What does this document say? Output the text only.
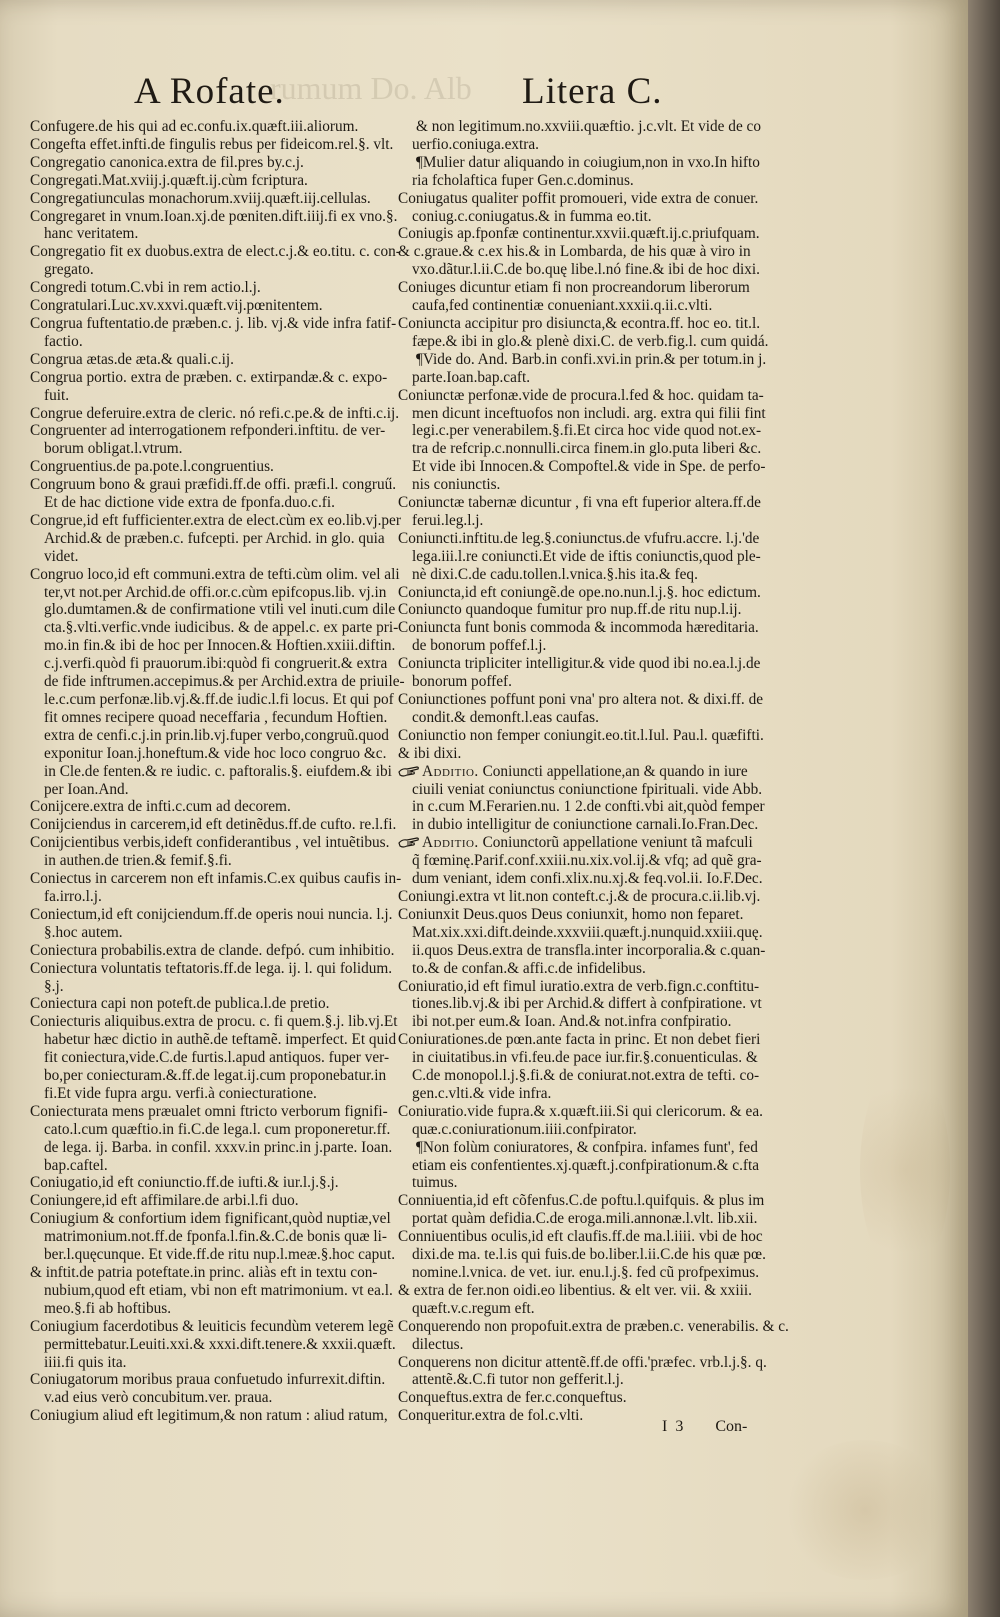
rumum Do. Alb
A Rofate.	Litera C.

Confugere.de his qui ad ec.confu.ix.quæft.iii.aliorum.

Congefta effet.infti.de fingulis rebus per fideicom.rel.§. vlt.

Congregatio canonica.extra de fil.pres by.c.j.

Congregati.Mat.xviij.j.quæft.ij.cùm fcriptura.

Congregatiunculas monachorum.xviij.quæft.iij.cellulas.

Congregaret in vnum.Ioan.xj.de pœniten.dift.iiij.fi ex vno.§.

hanc veritatem.

Congregatio fit ex duobus.extra de elect.c.j.& eo.titu. c. con-

gregato.

Congredi totum.C.vbi in rem actio.l.j.

Congratulari.Luc.xv.xxvi.quæft.vij.pœnitentem.

Congrua fuftentatio.de præben.c. j. lib. vj.& vide infra fatif-

factio.

Congrua ætas.de æta.& quali.c.ij.

Congrua portio. extra de præben. c. extirpandæ.& c. expo-

fuit.

Congrue deferuire.extra de cleric. nó refi.c.pe.& de infti.c.ij.

Congruenter ad interrogationem refponderi.inftitu. de ver-

borum obligat.l.vtrum.

Congruentius.de pa.pote.l.congruentius.

Congruum bono & graui præfidi.ff.de offi. præfi.l. congruű.

Et de hac dictione vide extra de fponfa.duo.c.fi.

Congrue,id eft fufficienter.extra de elect.cùm ex eo.lib.vj.per

Archid.& de præben.c. fufcepti. per Archid. in glo. quia

videt.

Congruo loco,id eft communi.extra de tefti.cùm olim. vel ali

ter,vt not.per Archid.de offi.or.c.cùm epifcopus.lib. vj.in

glo.dumtamen.& de confirmatione vtili vel inuti.cum dile

cta.§.vlti.verfic.vnde iudicibus. & de appel.c. ex parte pri-

mo.in fin.& ibi de hoc per Innocen.& Hoftien.xxiii.diftin.

c.j.verfi.quòd fi prauorum.ibi:quòd fi congruerit.& extra

de fide inftrumen.accepimus.& per Archid.extra de priuile-

le.c.cum perfonæ.lib.vj.&.ff.de iudic.l.fi locus. Et qui pof

fit omnes recipere quoad neceffaria , fecundum Hoftien.

extra de cenfi.c.j.in prin.lib.vj.fuper verbo,congruũ.quod

exponitur Ioan.j.honeftum.& vide hoc loco congruo &c.

in Cle.de fenten.& re iudic. c. paftoralis.§. eiufdem.& ibi

per Ioan.And.

Conijcere.extra de infti.c.cum ad decorem.

Conijciendus in carcerem,id eft detinẽdus.ff.de cufto. re.l.fi.

Conijcientibus verbis,ideft confiderantibus , vel intuẽtibus.

in authen.de trien.& femif.§.fi.

Coniectus in carcerem non eft infamis.C.ex quibus caufis in-

fa.irro.l.j.

Coniectum,id eft conijciendum.ff.de operis noui nuncia. l.j.

§.hoc autem.

Coniectura probabilis.extra de clande. defpó. cum inhibitio.

Coniectura voluntatis teftatoris.ff.de lega. ij. l. qui folidum.

§.j.

Coniectura capi non poteft.de publica.l.de pretio.

Coniecturis aliquibus.extra de procu. c. fi quem.§.j. lib.vj.Et

habetur hæc dictio in authẽ.de teftamẽ. imperfect. Et quid

fit coniectura,vide.C.de furtis.l.apud antiquos. fuper ver-

bo,per coniecturam.&.ff.de legat.ij.cum proponebatur.in

fi.Et vide fupra argu. verfi.à coniecturatione.

Coniecturata mens præualet omni ftricto verborum fignifi-

cato.l.cum quæftio.in fi.C.de lega.l. cum proponeretur.ff.

de lega. ij. Barba. in confil. xxxv.in princ.in j.parte. Ioan.

bap.caftel.

Coniugatio,id eft coniunctio.ff.de iufti.& iur.l.j.§.j.

Coniungere,id eft affimilare.de arbi.l.fi duo.

Coniugium & confortium idem fignificant,quòd nuptiæ,vel

matrimonium.not.ff.de fponfa.l.fin.&.C.de bonis quæ li-

ber.l.quęcunque. Et vide.ff.de ritu nup.l.meæ.§.hoc caput.

& inftit.de patria poteftate.in princ. aliàs eft in textu con-

nubium,quod eft etiam, vbi non eft matrimonium. vt ea.l.

meo.§.fi ab hoftibus.

Coniugium facerdotibus & leuiticis fecundùm veterem legẽ

permittebatur.Leuiti.xxi.& xxxi.dift.tenere.& xxxii.quæft.

iiii.fi quis ita.

Coniugatorum moribus praua confuetudo infurrexit.diftin.

v.ad eius verò concubitum.ver. praua.

Coniugium aliud eft legitimum,& non ratum : aliud ratum,

& non legitimum.no.xxviii.quæftio. j.c.vlt. Et vide de co

uerfio.coniuga.extra.

¶Mulier datur aliquando in coiugium,non in vxo.In hifto

ria fcholaftica fuper Gen.c.dominus.

Coniugatus qualiter poffit promoueri, vide extra de conuer.

coniug.c.coniugatus.& in fumma eo.tit.

Coniugis ap.fponfæ continentur.xxvii.quæft.ij.c.priufquam.

& c.graue.& c.ex his.& in Lombarda, de his quæ à viro in

vxo.dãtur.l.ii.C.de bo.quę libe.l.nó fine.& ibi de hoc dixi.

Coniuges dicuntur etiam fi non procreandorum liberorum

caufa,fed continentiæ conueniant.xxxii.q.ii.c.vlti.

Coniuncta accipitur pro disiuncta,& econtra.ff. hoc eo. tit.l.

fæpe.& ibi in glo.& plenè dixi.C. de verb.fig.l. cum quidá.

¶Vide do. And. Barb.in confi.xvi.in prin.& per totum.in j.

parte.Ioan.bap.caft.

Coniunctæ perfonæ.vide de procura.l.fed & hoc. quidam ta-

men dicunt inceftuofos non includi. arg. extra qui filii fint

legi.c.per venerabilem.§.fi.Et circa hoc vide quod not.ex-

tra de refcrip.c.nonnulli.circa finem.in glo.puta liberi &c.

Et vide ibi Innocen.& Compoftel.& vide in Spe. de perfo-

nis coniunctis.

Coniunctæ tabernæ dicuntur , fi vna eft fuperior altera.ff.de

ferui.leg.l.j.

Coniuncti.inftitu.de leg.§.coniunctus.de vfufru.accre. l.j.'de

lega.iii.l.re coniuncti.Et vide de iftis coniunctis,quod ple-

nè dixi.C.de cadu.tollen.l.vnica.§.his ita.& feq.

Coniuncta,id eft coniungẽ.de ope.no.nun.l.j.§. hoc edictum.

Coniuncto quandoque fumitur pro nup.ff.de ritu nup.l.ij.

Coniuncta funt bonis commoda & incommoda hæreditaria.

de bonorum poffef.l.j.

Coniuncta tripliciter intelligitur.& vide quod ibi no.ea.l.j.de

bonorum poffef.

Coniunctiones poffunt poni vna' pro altera not. & dixi.ff. de

condit.& demonft.l.eas caufas.

Coniunctio non femper coniungit.eo.tit.l.Iul. Pau.l. quæfifti.

& ibi dixi.

Additio. Coniuncti appellatione,an & quando in iure

ciuili veniat coniunctus coniunctione fpirituali. vide Abb.

in c.cum M.Ferarien.nu. 1 2.de confti.vbi ait,quòd femper

in dubio intelligitur de coniunctione carnali.Io.Fran.Dec.

Additio. Coniunctorũ appellatione veniunt tã mafculi

q̃ fœminę.Parif.conf.xxiii.nu.xix.vol.ij.& vfq; ad quẽ gra-

dum veniant, idem confi.xlix.nu.xj.& feq.vol.ii. Io.F.Dec.

Coniungi.extra vt lit.non conteft.c.j.& de procura.c.ii.lib.vj.

Coniunxit Deus.quos Deus coniunxit, homo non feparet.

Mat.xix.xxi.dift.deinde.xxxviii.quæft.j.nunquid.xxiii.quę.

ii.quos Deus.extra de transfla.inter incorporalia.& c.quan-

to.& de confan.& affi.c.de infidelibus.

Coniuratio,id eft fimul iuratio.extra de verb.fign.c.conftitu-

tiones.lib.vj.& ibi per Archid.& differt à confpiratione. vt

ibi not.per eum.& Ioan. And.& not.infra confpiratio.

Coniurationes.de pœn.ante facta in princ. Et non debet fieri

in ciuitatibus.in vfi.feu.de pace iur.fir.§.conuenticulas. &

C.de monopol.l.j.§.fi.& de coniurat.not.extra de tefti. co-

gen.c.vlti.& vide infra.

Coniuratio.vide fupra.& x.quæft.iii.Si qui clericorum. & ea.

quæ.c.coniurationum.iiii.confpirator.

¶Non folùm coniuratores, & confpira. infames funt', fed

etiam eis confentientes.xj.quæft.j.confpirationum.& c.fta

tuimus.

Conniuentia,id eft cõfenfus.C.de poftu.l.quifquis. & plus im

portat quàm defidia.C.de eroga.mili.annonæ.l.vlt. lib.xii.

Conniuentibus oculis,id eft claufis.ff.de ma.l.iiii. vbi de hoc

dixi.de ma. te.l.is qui fuis.de bo.liber.l.ii.C.de his quæ pœ.

nomine.l.vnica. de vet. iur. enu.l.j.§. fed cũ profpeximus.

& extra de fer.non oidi.eo libentius. & elt ver. vii. & xxiii.

quæft.v.c.regum eft.

Conquerendo non propofuit.extra de præben.c. venerabilis. & c.

dilectus.

Conquerens non dicitur attentẽ.ff.de offi.'præfec. vrb.l.j.§. q.

attentẽ.&.C.fi tutor non gefferit.l.j.

Conqueftus.extra de fer.c.conqueftus.

Conqueritur.extra de fol.c.vlti.

I  3 Con-
